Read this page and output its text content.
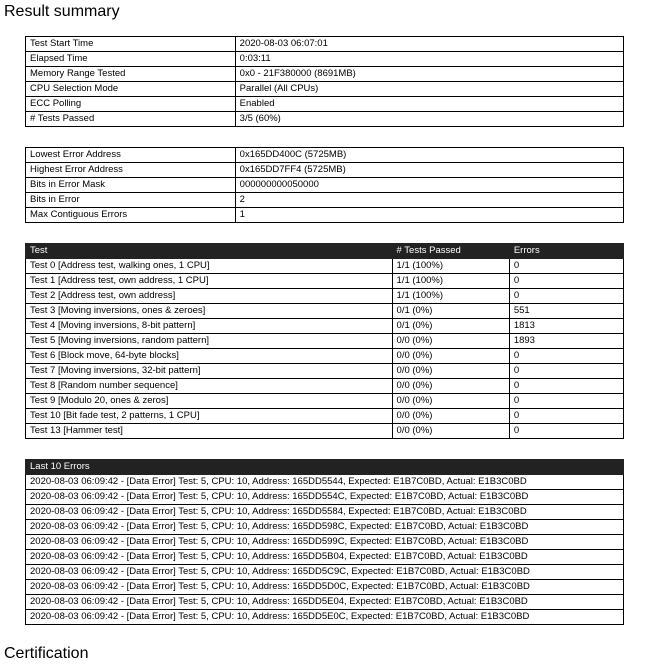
Result summary
Test Start Time	2020-08-03 06:07:01
Elapsed Time	0:03:11
Memory Range Tested	0x0 - 21F380000 (8691MB)
CPU Selection Mode	Parallel (All CPUs)
ECC Polling	Enabled
# Tests Passed	3/5 (60%)
Lowest Error Address	0x165DD400C (5725MB)
Highest Error Address	0x165DD7FF4 (5725MB)
Bits in Error Mask	000000000050000
Bits in Error	2
Max Contiguous Errors	1
Test	# Tests Passed	Errors
Test 0 [Address test, walking ones, 1 CPU]	1/1 (100%)	0
Test 1 [Address test, own address, 1 CPU]	1/1 (100%)	0
Test 2 [Address test, own address]	1/1 (100%)	0
Test 3 [Moving inversions, ones & zeroes]	0/1 (0%)	551
Test 4 [Moving inversions, 8-bit pattern]	0/1 (0%)	1813
Test 5 [Moving inversions, random pattern]	0/0 (0%)	1893
Test 6 [Block move, 64-byte blocks]	0/0 (0%)	0
Test 7 [Moving inversions, 32-bit pattern]	0/0 (0%)	0
Test 8 [Random number sequence]	0/0 (0%)	0
Test 9 [Modulo 20, ones & zeros]	0/0 (0%)	0
Test 10 [Bit fade test, 2 patterns, 1 CPU]	0/0 (0%)	0
Test 13 [Hammer test]	0/0 (0%)	0
Last 10 Errors
2020-08-03 06:09:42 - [Data Error] Test: 5, CPU: 10, Address: 165DD5544, Expected: E1B7C0BD, Actual: E1B3C0BD
2020-08-03 06:09:42 - [Data Error] Test: 5, CPU: 10, Address: 165DD554C, Expected: E1B7C0BD, Actual: E1B3C0BD
2020-08-03 06:09:42 - [Data Error] Test: 5, CPU: 10, Address: 165DD5584, Expected: E1B7C0BD, Actual: E1B3C0BD
2020-08-03 06:09:42 - [Data Error] Test: 5, CPU: 10, Address: 165DD598C, Expected: E1B7C0BD, Actual: E1B3C0BD
2020-08-03 06:09:42 - [Data Error] Test: 5, CPU: 10, Address: 165DD599C, Expected: E1B7C0BD, Actual: E1B3C0BD
2020-08-03 06:09:42 - [Data Error] Test: 5, CPU: 10, Address: 165DD5B04, Expected: E1B7C0BD, Actual: E1B3C0BD
2020-08-03 06:09:42 - [Data Error] Test: 5, CPU: 10, Address: 165DD5C9C, Expected: E1B7C0BD, Actual: E1B3C0BD
2020-08-03 06:09:42 - [Data Error] Test: 5, CPU: 10, Address: 165DD5D0C, Expected: E1B7C0BD, Actual: E1B3C0BD
2020-08-03 06:09:42 - [Data Error] Test: 5, CPU: 10, Address: 165DD5E04, Expected: E1B7C0BD, Actual: E1B3C0BD
2020-08-03 06:09:42 - [Data Error] Test: 5, CPU: 10, Address: 165DD5E0C, Expected: E1B7C0BD, Actual: E1B3C0BD
Certification
